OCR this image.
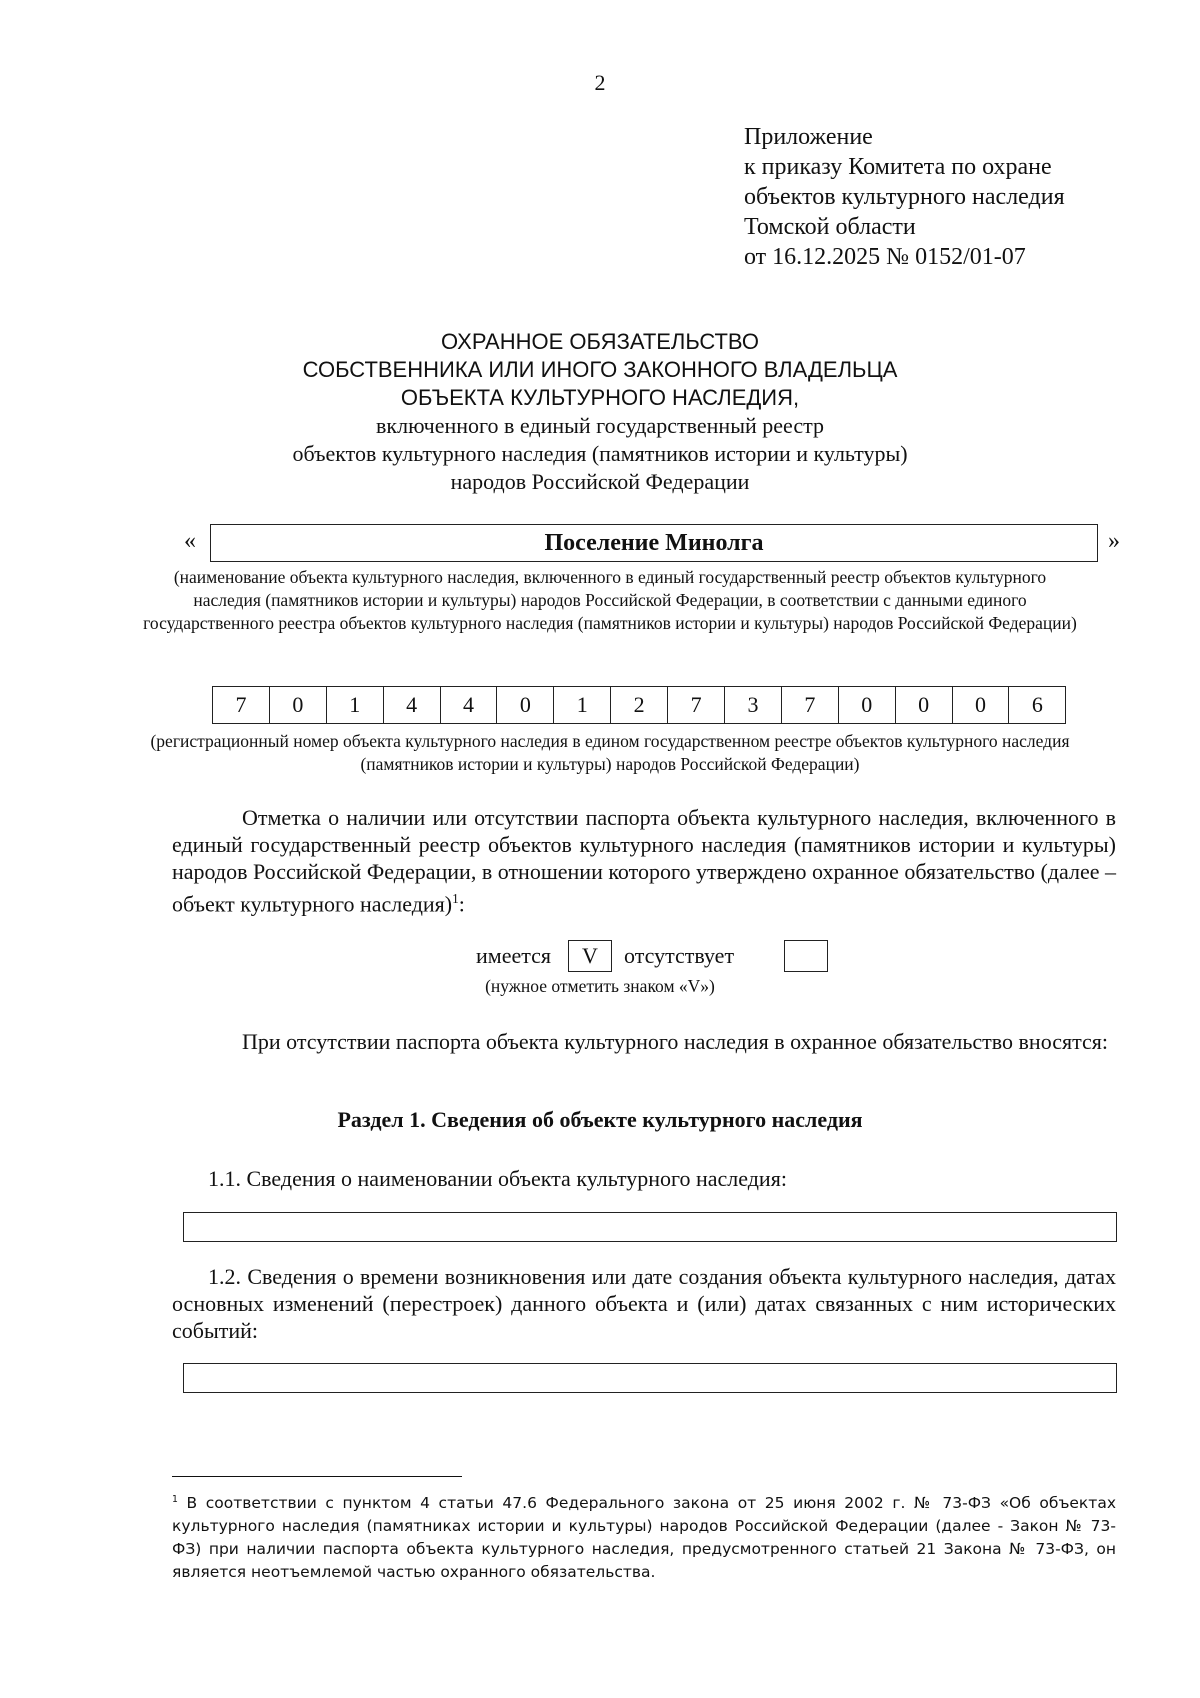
2
Приложение
к приказу Комитета по охране
объектов культурного наследия
Томской области
от 16.12.2025 № 0152/01-07
ОХРАННОЕ ОБЯЗАТЕЛЬСТВО
СОБСТВЕННИКА ИЛИ ИНОГО ЗАКОННОГО ВЛАДЕЛЬЦА
ОБЪЕКТА КУЛЬТУРНОГО НАСЛЕДИЯ,
включенного в единый государственный реестр
объектов культурного наследия (памятников истории и культуры)
народов Российской Федерации
«	Поселение Минолга	»
(наименование объекта культурного наследия, включенного в единый государственный реестр объектов культурного наследия (памятников истории и культуры) народов Российской Федерации, в соответствии с данными единого государственного реестра объектов культурного наследия (памятников истории и культуры) народов Российской Федерации)
7	0	1	4	4	0	1	2	7	3	7	0	0	0	6
(регистрационный номер объекта культурного наследия в едином государственном реестре объектов культурного наследия (памятников истории и культуры) народов Российской Федерации)
Отметка о наличии или отсутствии паспорта объекта культурного наследия, включенного в единый государственный реестр объектов культурного наследия (памятников истории и культуры) народов Российской Федерации, в отношении которого утверждено охранное обязательство (далее – объект культурного наследия)$^1$:
имеется	V	отсутствует
(нужное отметить знаком «V»)
При отсутствии паспорта объекта культурного наследия в охранное обязательство вносятся:
Раздел 1. Сведения об объекте культурного наследия
1.1. Сведения о наименовании объекта культурного наследия:
1.2. Сведения о времени возникновения или дате создания объекта культурного наследия, датах основных изменений (перестроек) данного объекта и (или) датах связанных с ним исторических событий:
$^1$ В соответствии с пунктом 4 статьи 47.6 Федерального закона от 25 июня 2002 г. № 73-ФЗ «Об объектах культурного наследия (памятниках истории и культуры) народов Российской Федерации (далее - Закон № 73-ФЗ) при наличии паспорта объекта культурного наследия, предусмотренного статьей 21 Закона № 73-ФЗ, он является неотъемлемой частью охранного обязательства.
